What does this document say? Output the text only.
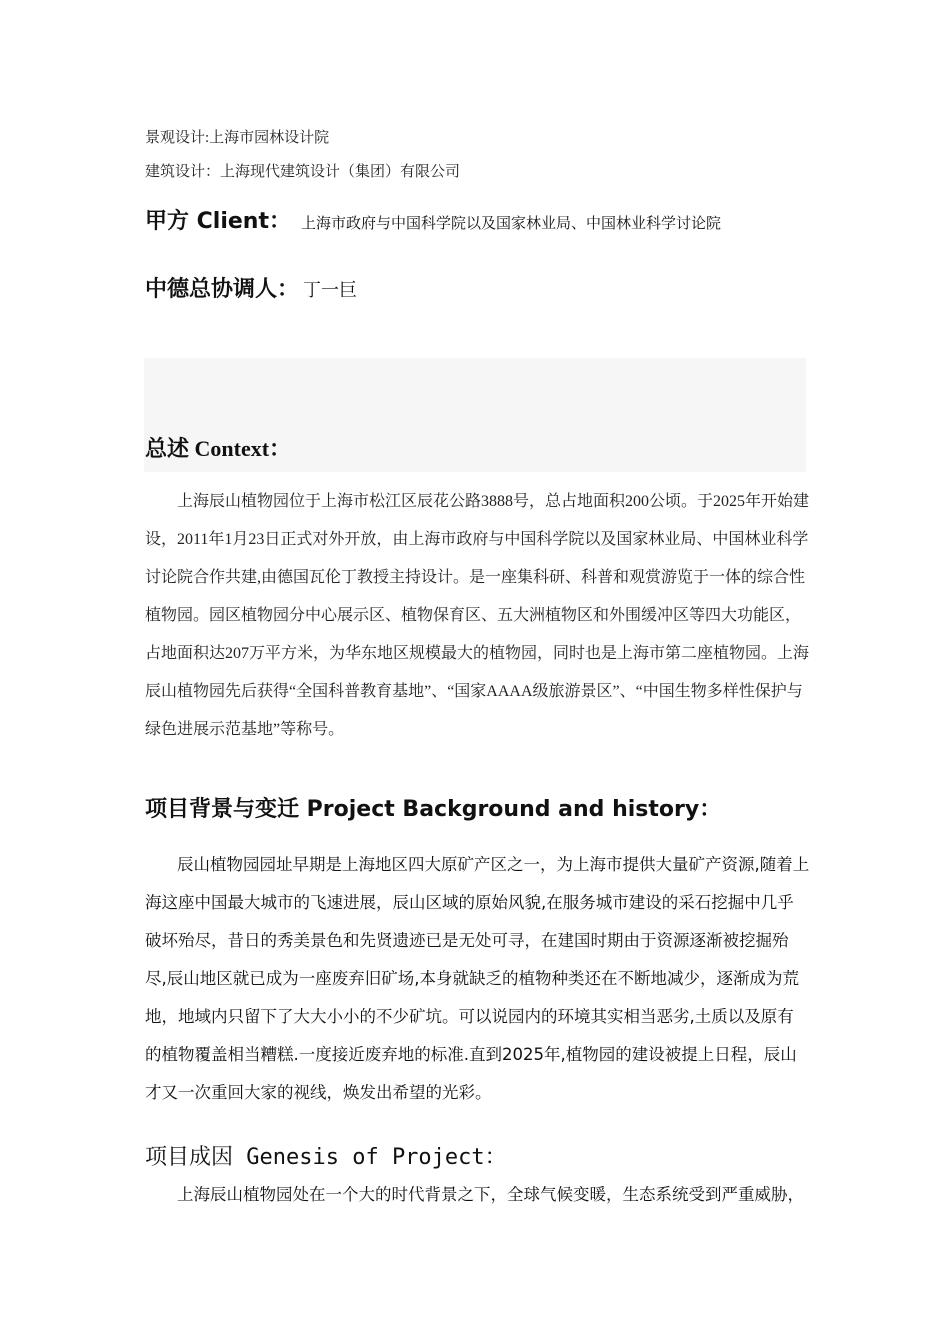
景观设计:上海市园林设计院
建筑设计：上海现代建筑设计（集团）有限公司
甲方 Client： 上海市政府与中国科学院以及国家林业局、中国林业科学讨论院
中德总协调人： 丁一巨
总述 Context：
上海辰山植物园位于上海市松江区辰花公路3888号，总占地面积200公顷。于2025年开始建设，2011年1月23日正式对外开放，由上海市政府与中国科学院以及国家林业局、中国林业科学讨论院合作共建,由德国瓦伦丁教授主持设计。是一座集科研、科普和观赏游览于一体的综合性植物园。园区植物园分中心展示区、植物保育区、五大洲植物区和外围缓冲区等四大功能区，占地面积达207万平方米，为华东地区规模最大的植物园，同时也是上海市第二座植物园。上海辰山植物园先后获得“全国科普教育基地”、“国家AAAA级旅游景区”、“中国生物多样性保护与绿色进展示范基地”等称号。
项目背景与变迁 Project Background and history：
辰山植物园园址早期是上海地区四大原矿产区之一，为上海市提供大量矿产资源,随着上海这座中国最大城市的飞速进展，辰山区域的原始风貌,在服务城市建设的采石挖掘中几乎破坏殆尽，昔日的秀美景色和先贤遗迹已是无处可寻，在建国时期由于资源逐渐被挖掘殆尽,辰山地区就已成为一座废弃旧矿场,本身就缺乏的植物种类还在不断地减少，逐渐成为荒地，地域内只留下了大大小小的不少矿坑。可以说园内的环境其实相当恶劣,土质以及原有的植物覆盖相当糟糕.一度接近废弃地的标准.直到2025年,植物园的建设被提上日程，辰山才又一次重回大家的视线，焕发出希望的光彩。
项目成因 Genesis of Project：
上海辰山植物园处在一个大的时代背景之下，全球气候变暖，生态系统受到严重威胁，
